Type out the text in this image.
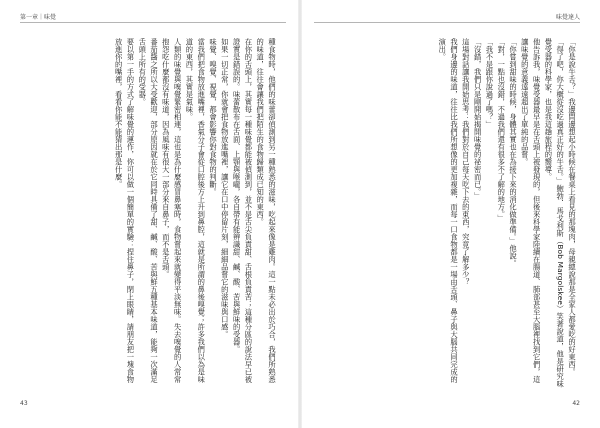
第一章｜味覺

種食物時，他們的味蕾卻偵測到另一種熟悉的滋味，吃起來像是雞肉。這一點未必出於巧合，我們所熟悉的味道，往往會讓我們把陌生的食物歸類成已知的東西。

在你的舌頭上，其實每一種味覺都能被偵測到，並不是舌尖負責甜、舌根負責苦；這種分區的說法早已被證實是錯誤的。味蕾散布在舌面、上顎與喉嚨，各自帶有能辨識甜、鹹、酸、苦與鮮味的受器。

如果一切正常，你就會把食物放進嘴裡，讓它在口中停留片刻，細細品嘗它的滋味與口感。

味覺、嗅覺、視覺，都會影響你對食物的判斷。

當我們把食物放進嘴裡，香氣分子會從口腔後方上升到鼻腔，這就是所謂的鼻後嗅覺；許多我們以為是味道的東西，其實是氣味。

人類的味覺與嗅覺緊密相連，這也是為什麼感冒鼻塞時，食物嘗起來就變得平淡無味。失去嗅覺的人常常抱怨吃什麼都沒有味道，因為風味有很大一部分來自鼻子，而不是舌頭。

番茄醬之所以大受歡迎，部分原因就在於它同時具備了甜、鹹、酸、苦與鮮五種基本味道，能夠一次滿足舌頭上所有的受器。

要以第一手的方式了解味覺的運作，你可以做一個簡單的實驗：捏住鼻子，閉上眼睛，請朋友把一塊食物放進你的嘴裡，看看你能不能猜出那是什麼。

43
味覺達人

「你是說牛舌？」我邊問邊想起小時候在餐桌上看見的那塊肉，母親總說那是全家人都愛吃的好東西。

「得了吧，你大概從沒吃過真正好的牛舌。」鮑勃．馬戈利斯（Bob Margolskee）笑著說道，他是研究味覺受器的科學家，也是我這趟旅程的嚮導。

他告訴我，味覺受器最早是在舌頭上被發現的，但後來科學家陸續在腸道、肺部甚至大腦裡找到它們，這讓味覺的意義遠遠超出了單純的品嘗。

「你嘗到甜味的時候，身體其實也在為接下來的消化做準備。」他說。

「對，一點也沒錯，不過我們還有很多不了解的地方。」

「我不是跟你說過了嗎？」

「沒錯，我們只是剛開始揭開味覺的祕密而已。」

這場對話讓我開始思考：我們對於自己每天吃下去的東西，究竟了解多少？

我們身邊的味道，往往比我們所想像的更加複雜，而每一口食物都是一場由舌頭、鼻子與大腦共同完成的演出。

42
